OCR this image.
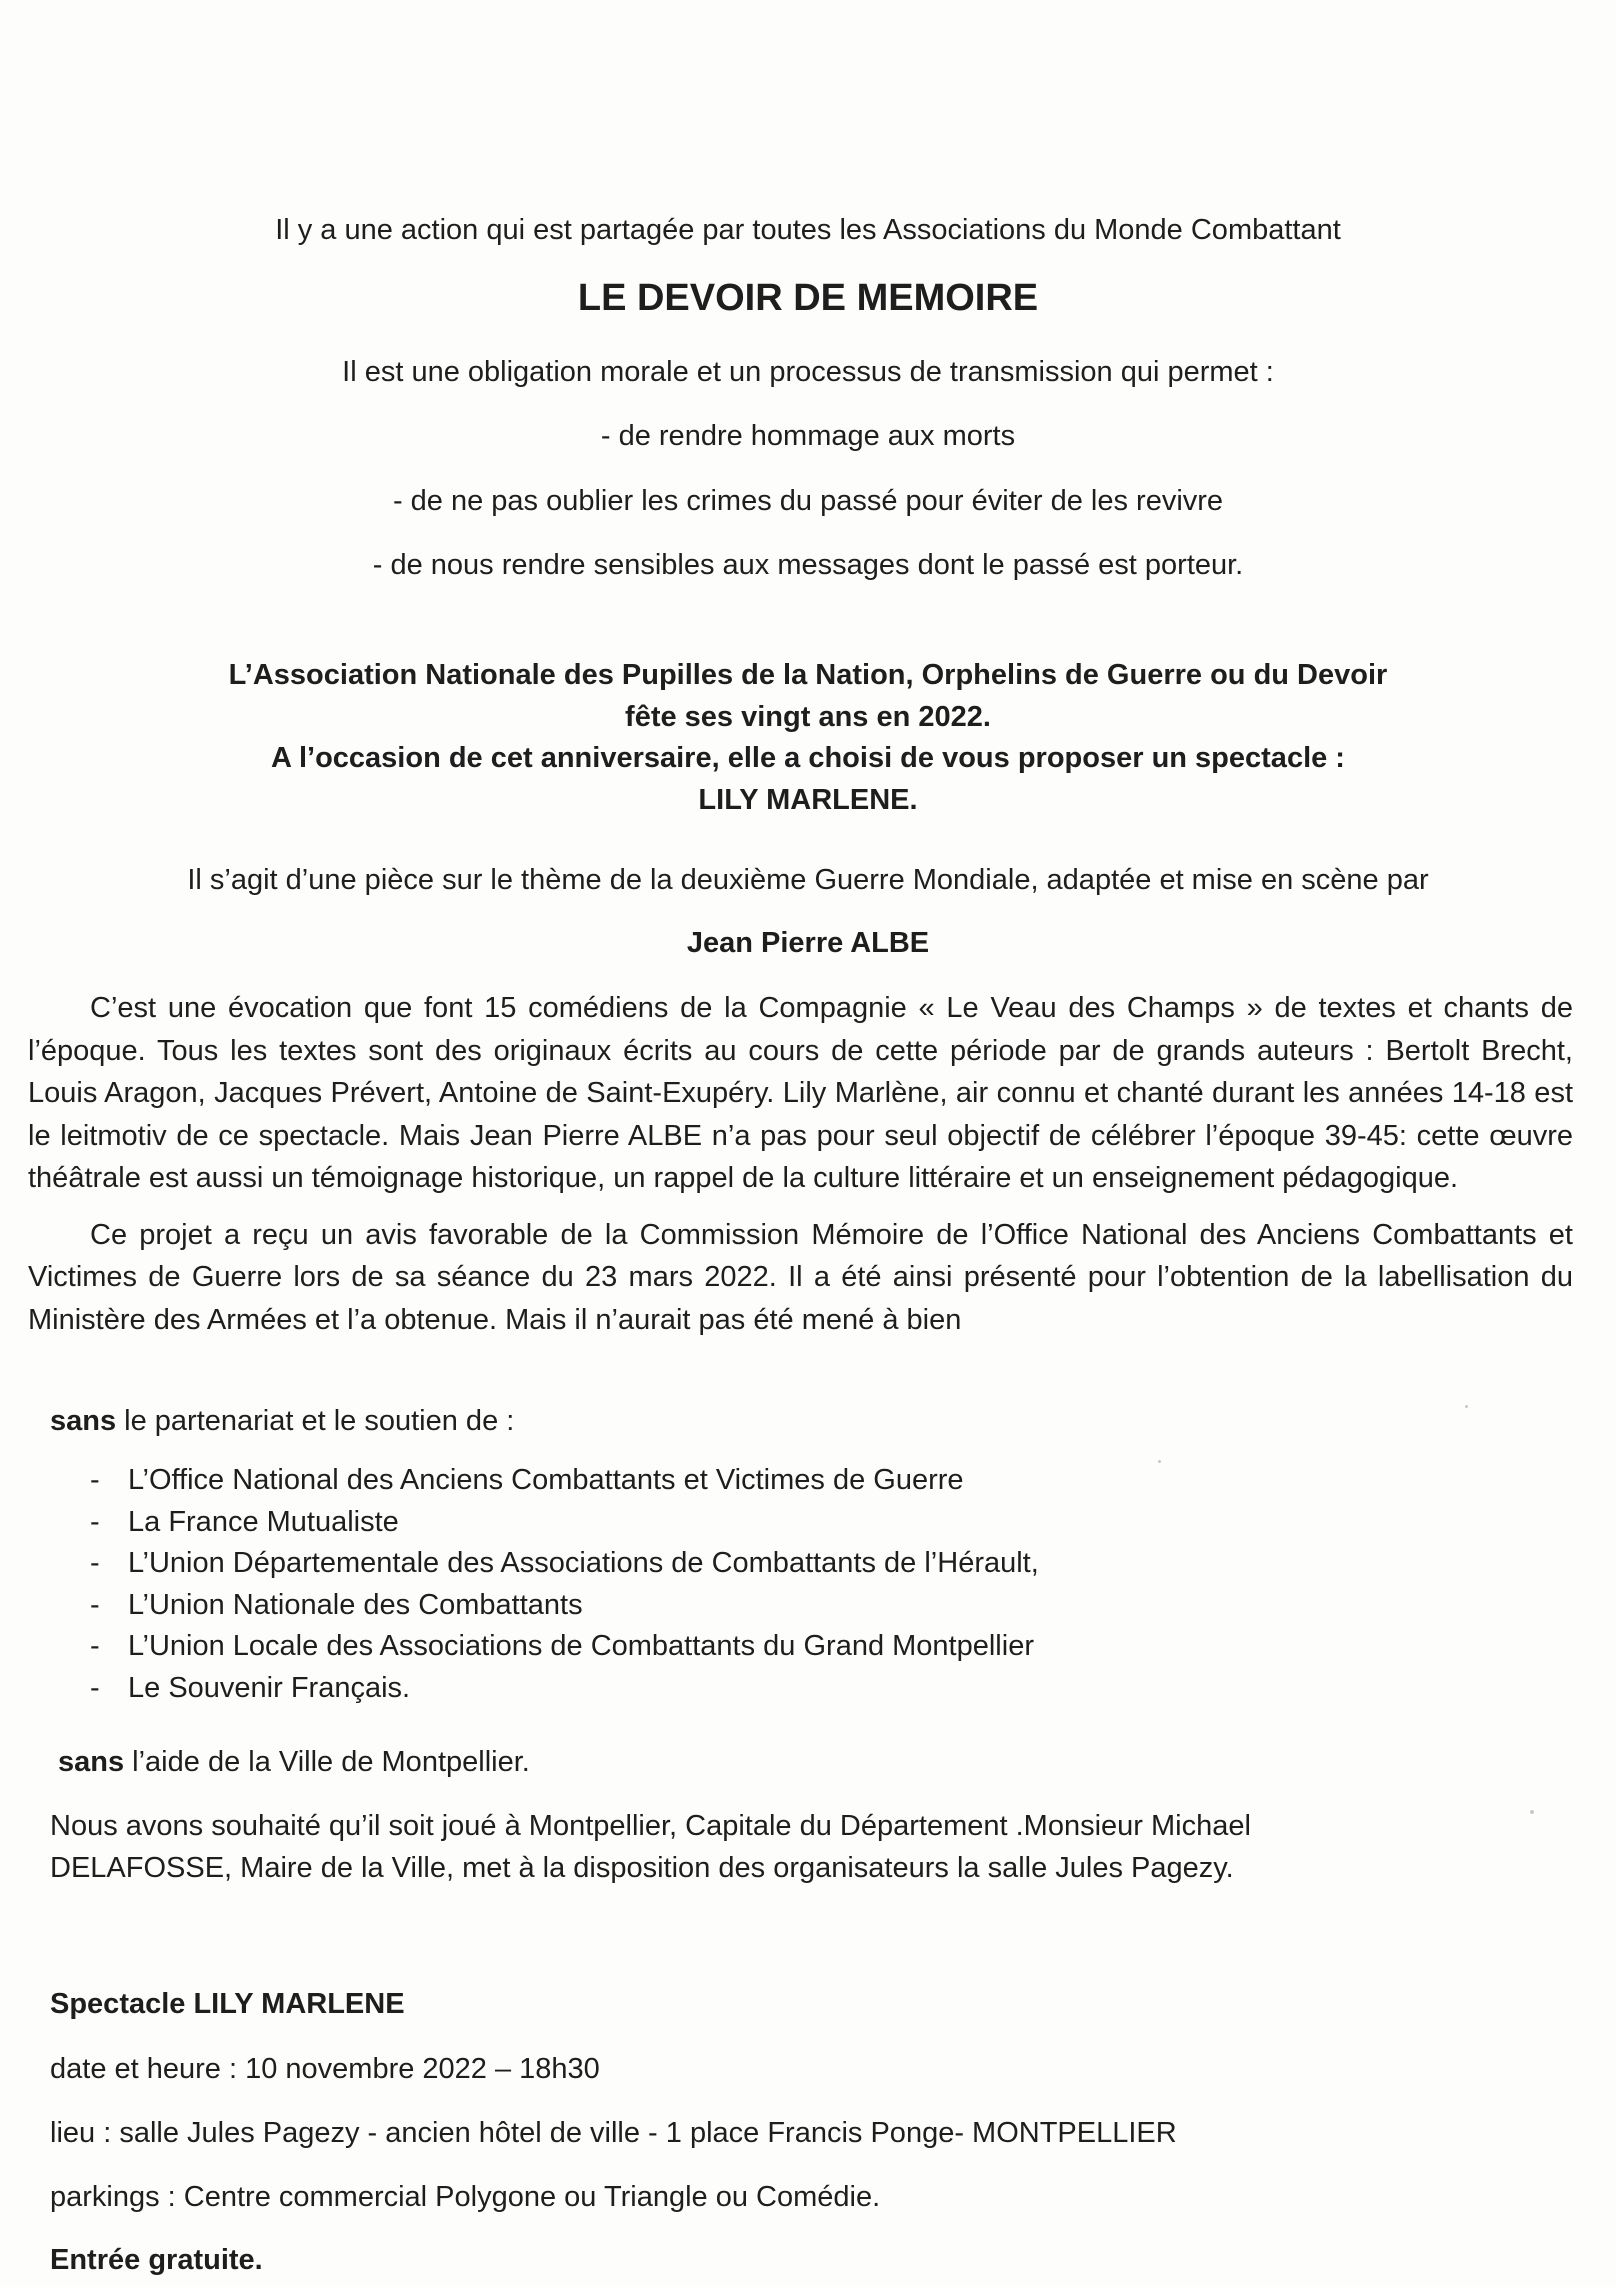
Il y a une action qui est partagée par toutes les Associations du Monde Combattant

LE DEVOIR DE MEMOIRE

Il est une obligation morale et un processus de transmission qui permet :

- de rendre hommage aux morts

- de ne pas oublier les crimes du passé pour éviter de les revivre

- de nous rendre sensibles aux messages dont le passé est porteur.

L’Association Nationale des Pupilles de la Nation, Orphelins de Guerre ou du Devoir

fête ses vingt ans en 2022.

A l’occasion de cet anniversaire, elle a choisi de vous proposer un spectacle :

LILY MARLENE.

Il s’agit d’une pièce sur le thème de la deuxième Guerre Mondiale, adaptée et mise en scène par

Jean Pierre ALBE

C’est une évocation que font 15 comédiens de la Compagnie « Le Veau des Champs » de textes et chants de l’époque. Tous les textes sont des originaux écrits au cours de cette période par de grands auteurs : Bertolt Brecht, Louis Aragon, Jacques Prévert, Antoine de Saint-Exupéry. Lily Marlène, air connu et chanté durant les années 14-18 est le leitmotiv de ce spectacle. Mais Jean Pierre ALBE n’a pas pour seul objectif de célébrer l’époque 39-45: cette œuvre théâtrale est aussi un témoignage historique, un rappel de la culture littéraire et un enseignement pédagogique.

Ce projet a reçu un avis favorable de la Commission Mémoire de l’Office National des Anciens Combattants et Victimes de Guerre lors de sa séance du 23 mars 2022. Il a été ainsi présenté pour l’obtention de la labellisation du Ministère des Armées et l’a obtenue. Mais il n’aurait pas été mené à bien

sans le partenariat et le soutien de :

- L’Office National des Anciens Combattants et Victimes de Guerre
- La France Mutualiste
- L’Union Départementale des Associations de Combattants de l’Hérault,
- L’Union Nationale des Combattants
- L’Union Locale des Associations de Combattants du Grand Montpellier
- Le Souvenir Français.

sans l’aide de la Ville de Montpellier.

Nous avons souhaité qu’il soit joué à Montpellier, Capitale du Département .Monsieur Michael

DELAFOSSE, Maire de la Ville, met à la disposition des organisateurs la salle Jules Pagezy.

Spectacle LILY MARLENE

date et heure : 10 novembre 2022 – 18h30

lieu : salle Jules Pagezy - ancien hôtel de ville - 1 place Francis Ponge- MONTPELLIER

parkings : Centre commercial Polygone ou Triangle ou Comédie.

Entrée gratuite.
